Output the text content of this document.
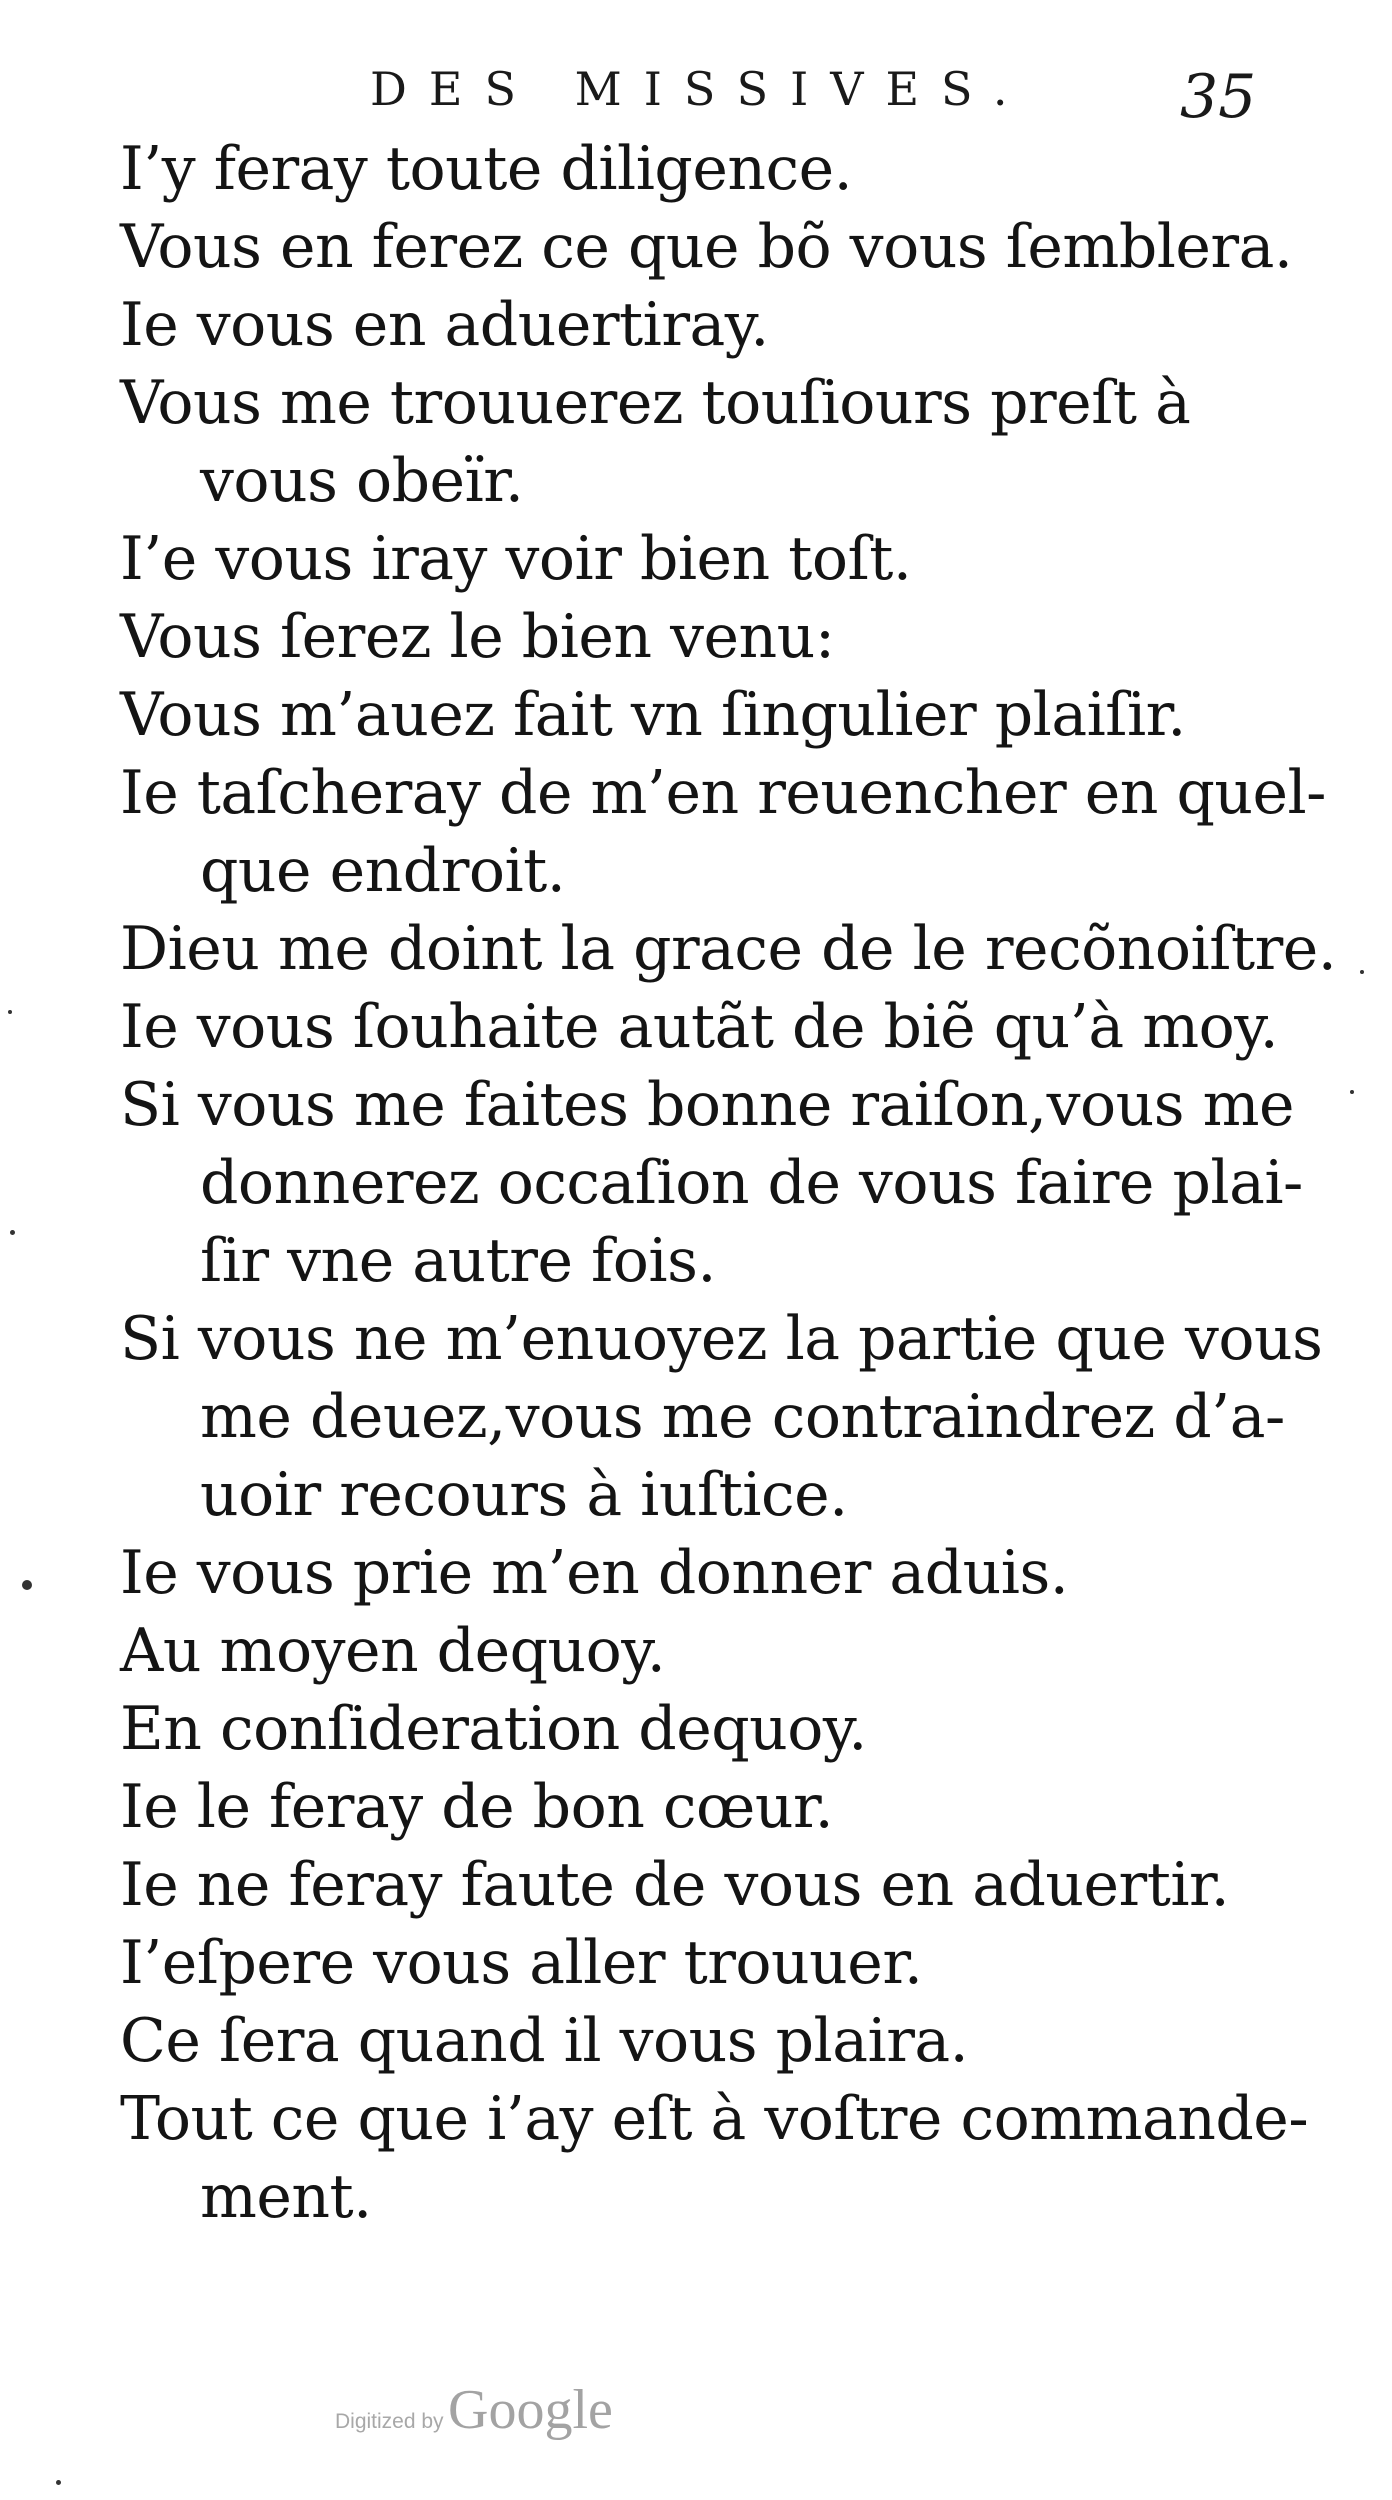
DES MISSIVES.	35
I’y feray toute diligence.
Vous en ferez ce que bõ vous ſemblera.
Ie vous en aduertiray.
Vous me trouuerez touſiours preſt à
vous obeïr.
I’e vous iray voir bien toſt.
Vous ſerez le bien venu:
Vous m’auez fait vn ſingulier plaiſir.
Ie taſcheray de m’en reuencher en quel-
que endroit.
Dieu me doint la grace de le recõnoiſtre.
Ie vous ſouhaite autãt de biẽ qu’à moy.
Si vous me faites bonne raiſon,vous me
donnerez occaſion de vous faire plai-
ſir vne autre fois.
Si vous ne m’enuoyez la partie que vous
me deuez,vous me contraindrez d’a-
uoir recours à iuſtice.
Ie vous prie m’en donner aduis.
Au moyen dequoy.
En conſideration dequoy.
Ie le feray de bon cœur.
Ie ne feray faute de vous en aduertir.
I’eſpere vous aller trouuer.
Ce ſera quand il vous plaira.
Tout ce que i’ay eſt à voſtre commande-
ment.
Digitized by Google
